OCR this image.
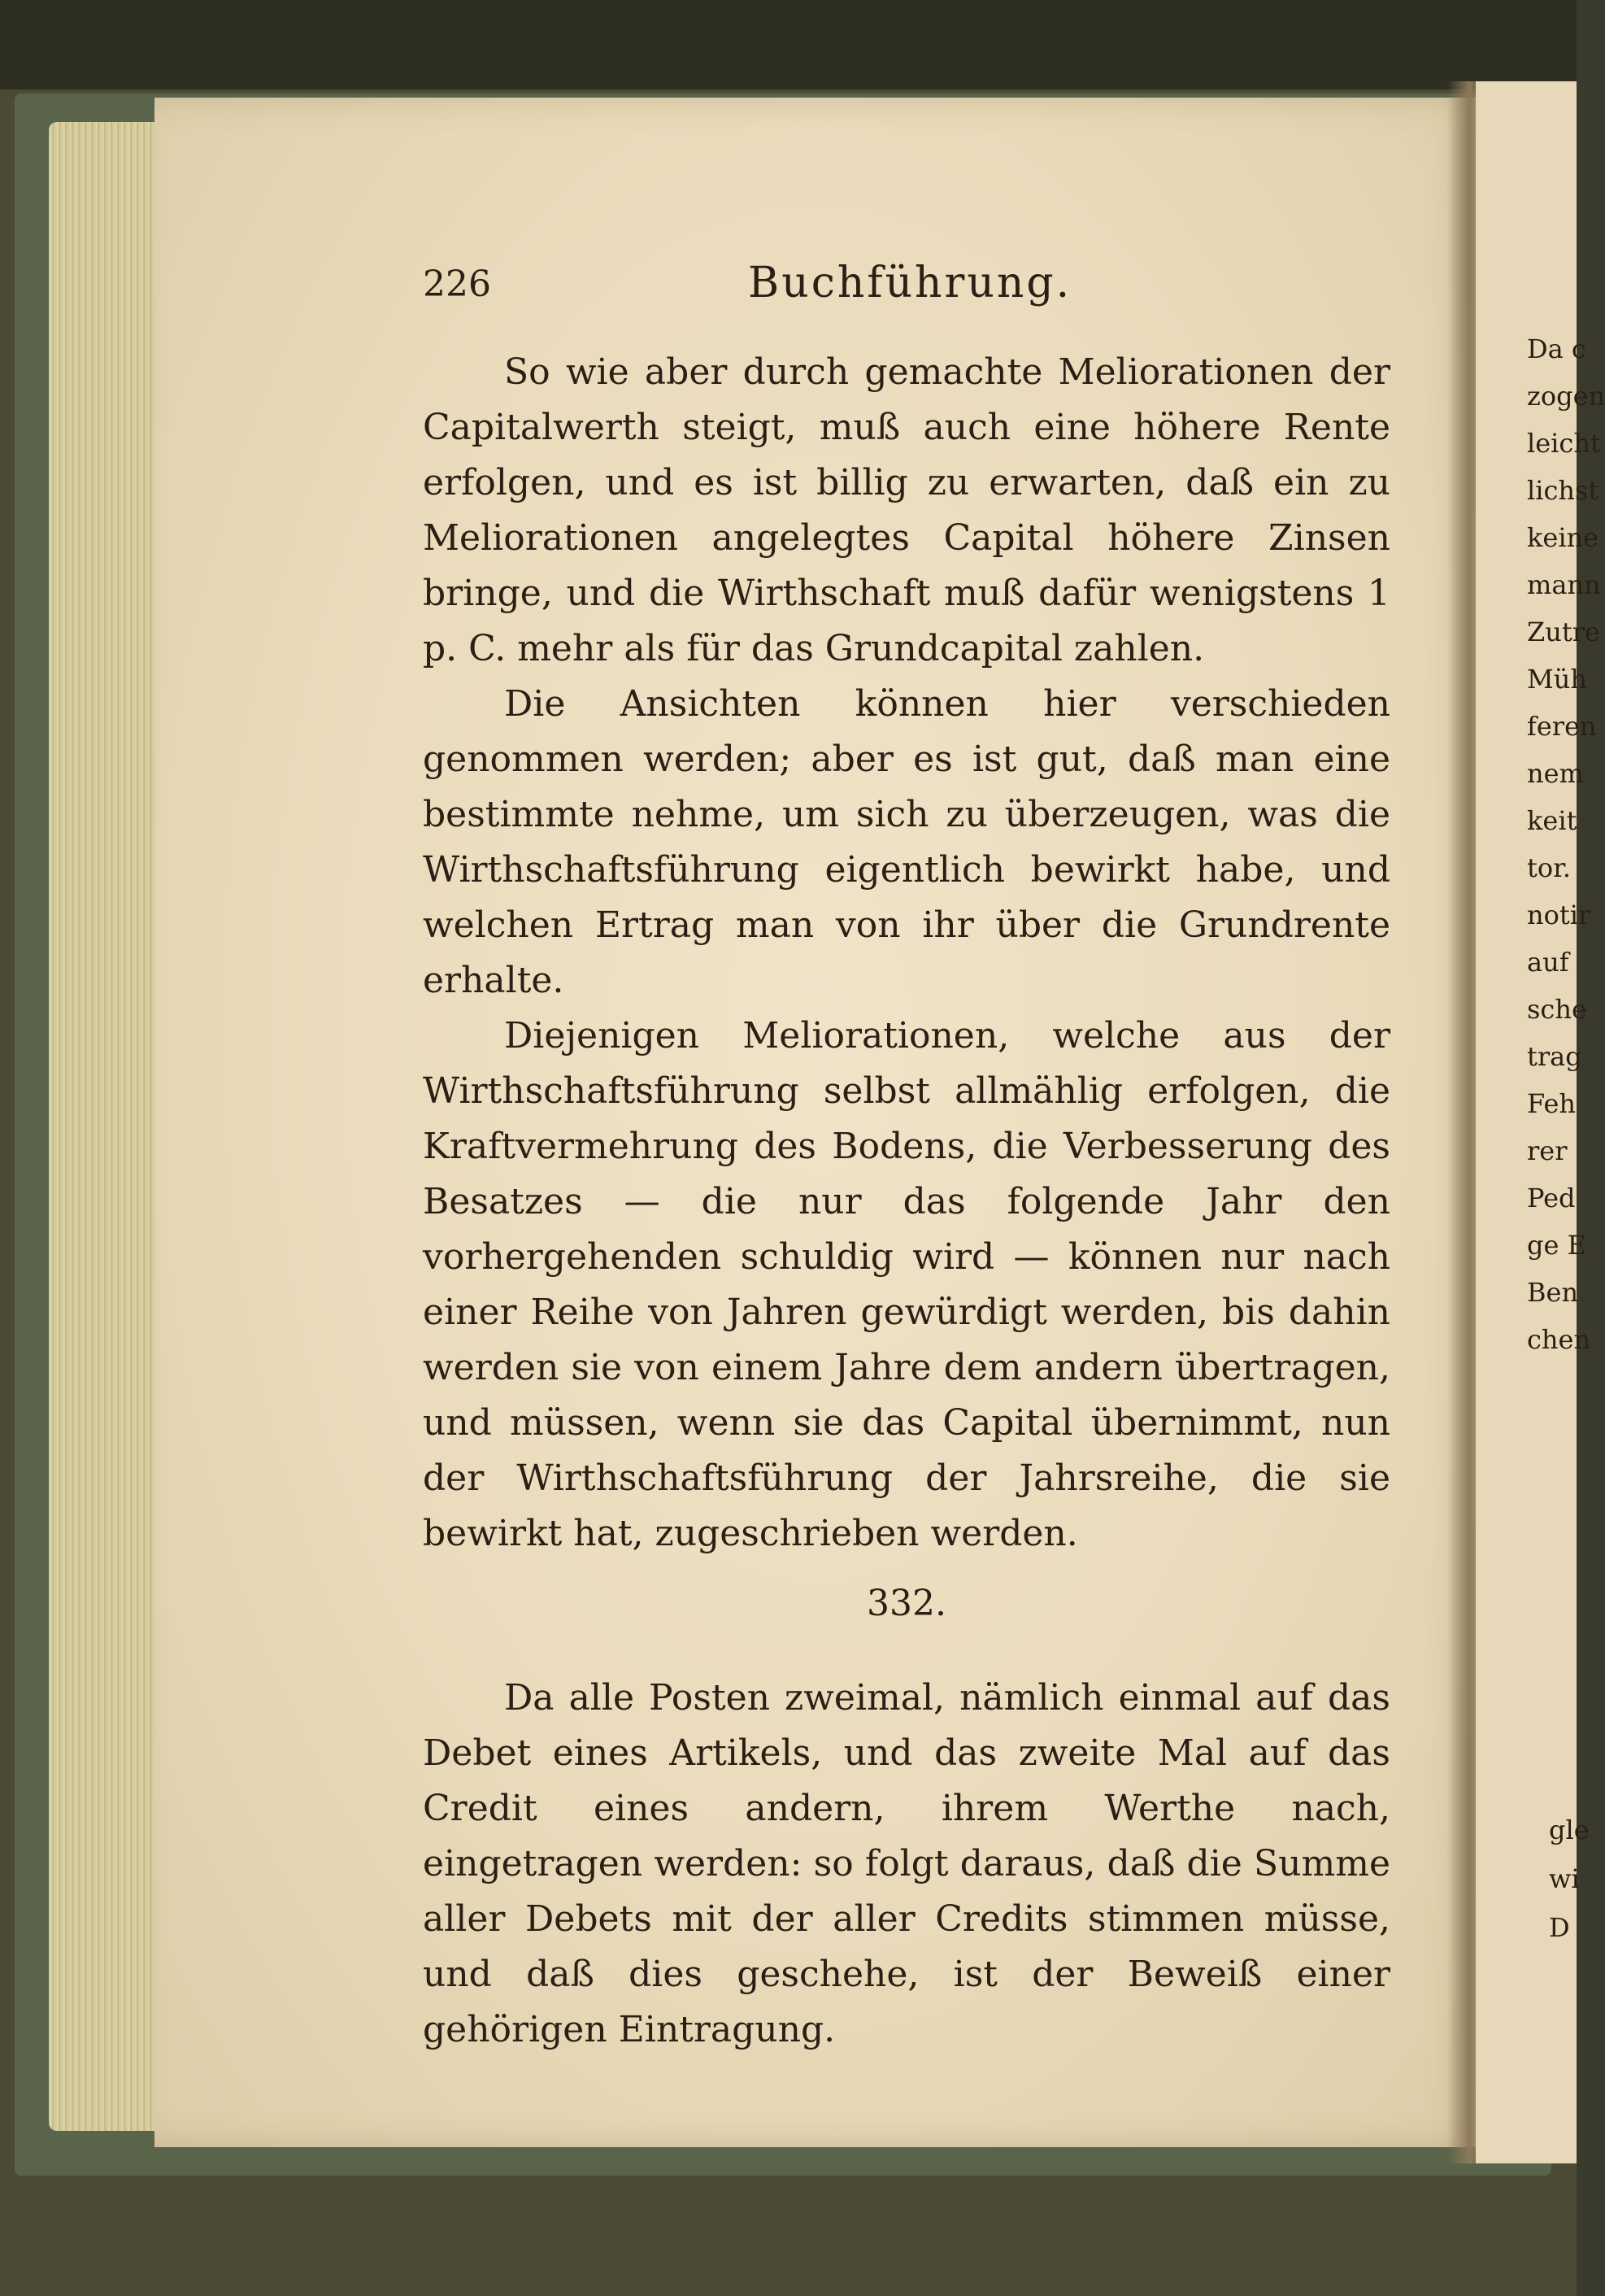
226	Buchführung.

So wie aber durch gemachte Meliorationen der Capitalwerth steigt, muß auch eine höhere Rente erfolgen, und es ist billig zu erwarten, daß ein zu Meliorationen angelegtes Capital höhere Zinsen bringe, und die Wirthschaft muß dafür wenigstens 1 p. C. mehr als für das Grundcapital zahlen.

Die Ansichten können hier verschieden genommen werden; aber es ist gut, daß man eine bestimmte nehme, um sich zu überzeugen, was die Wirthschaftsführung eigentlich bewirkt habe, und welchen Ertrag man von ihr über die Grundrente erhalte.

Diejenigen Meliorationen, welche aus der Wirthschaftsführung selbst allmählig erfolgen, die Kraftvermehrung des Bodens, die Verbesserung des Besatzes — die nur das folgende Jahr den vorhergehenden schuldig wird — können nur nach einer Reihe von Jahren gewürdigt werden, bis dahin werden sie von einem Jahre dem andern übertragen, und müssen, wenn sie das Capital übernimmt, nun der Wirthschaftsführung der Jahrsreihe, die sie bewirkt hat, zugeschrieben werden.

332.

Da alle Posten zweimal, nämlich einmal auf das Debet eines Artikels, und das zweite Mal auf das Credit eines andern, ihrem Werthe nach, eingetragen werden: so folgt daraus, daß die Summe aller Debets mit der aller Credits stimmen müsse, und daß dies geschehe, ist der Beweiß einer gehörigen Eintragung.

Da c
zogen
leicht
lichst
keine
mann
Zutre
Müh
feren
nem
keit
tor.
notir
auf
sche
trag
Feh
rer
Ped
ge E
Ben
chen
gle
wi
D
